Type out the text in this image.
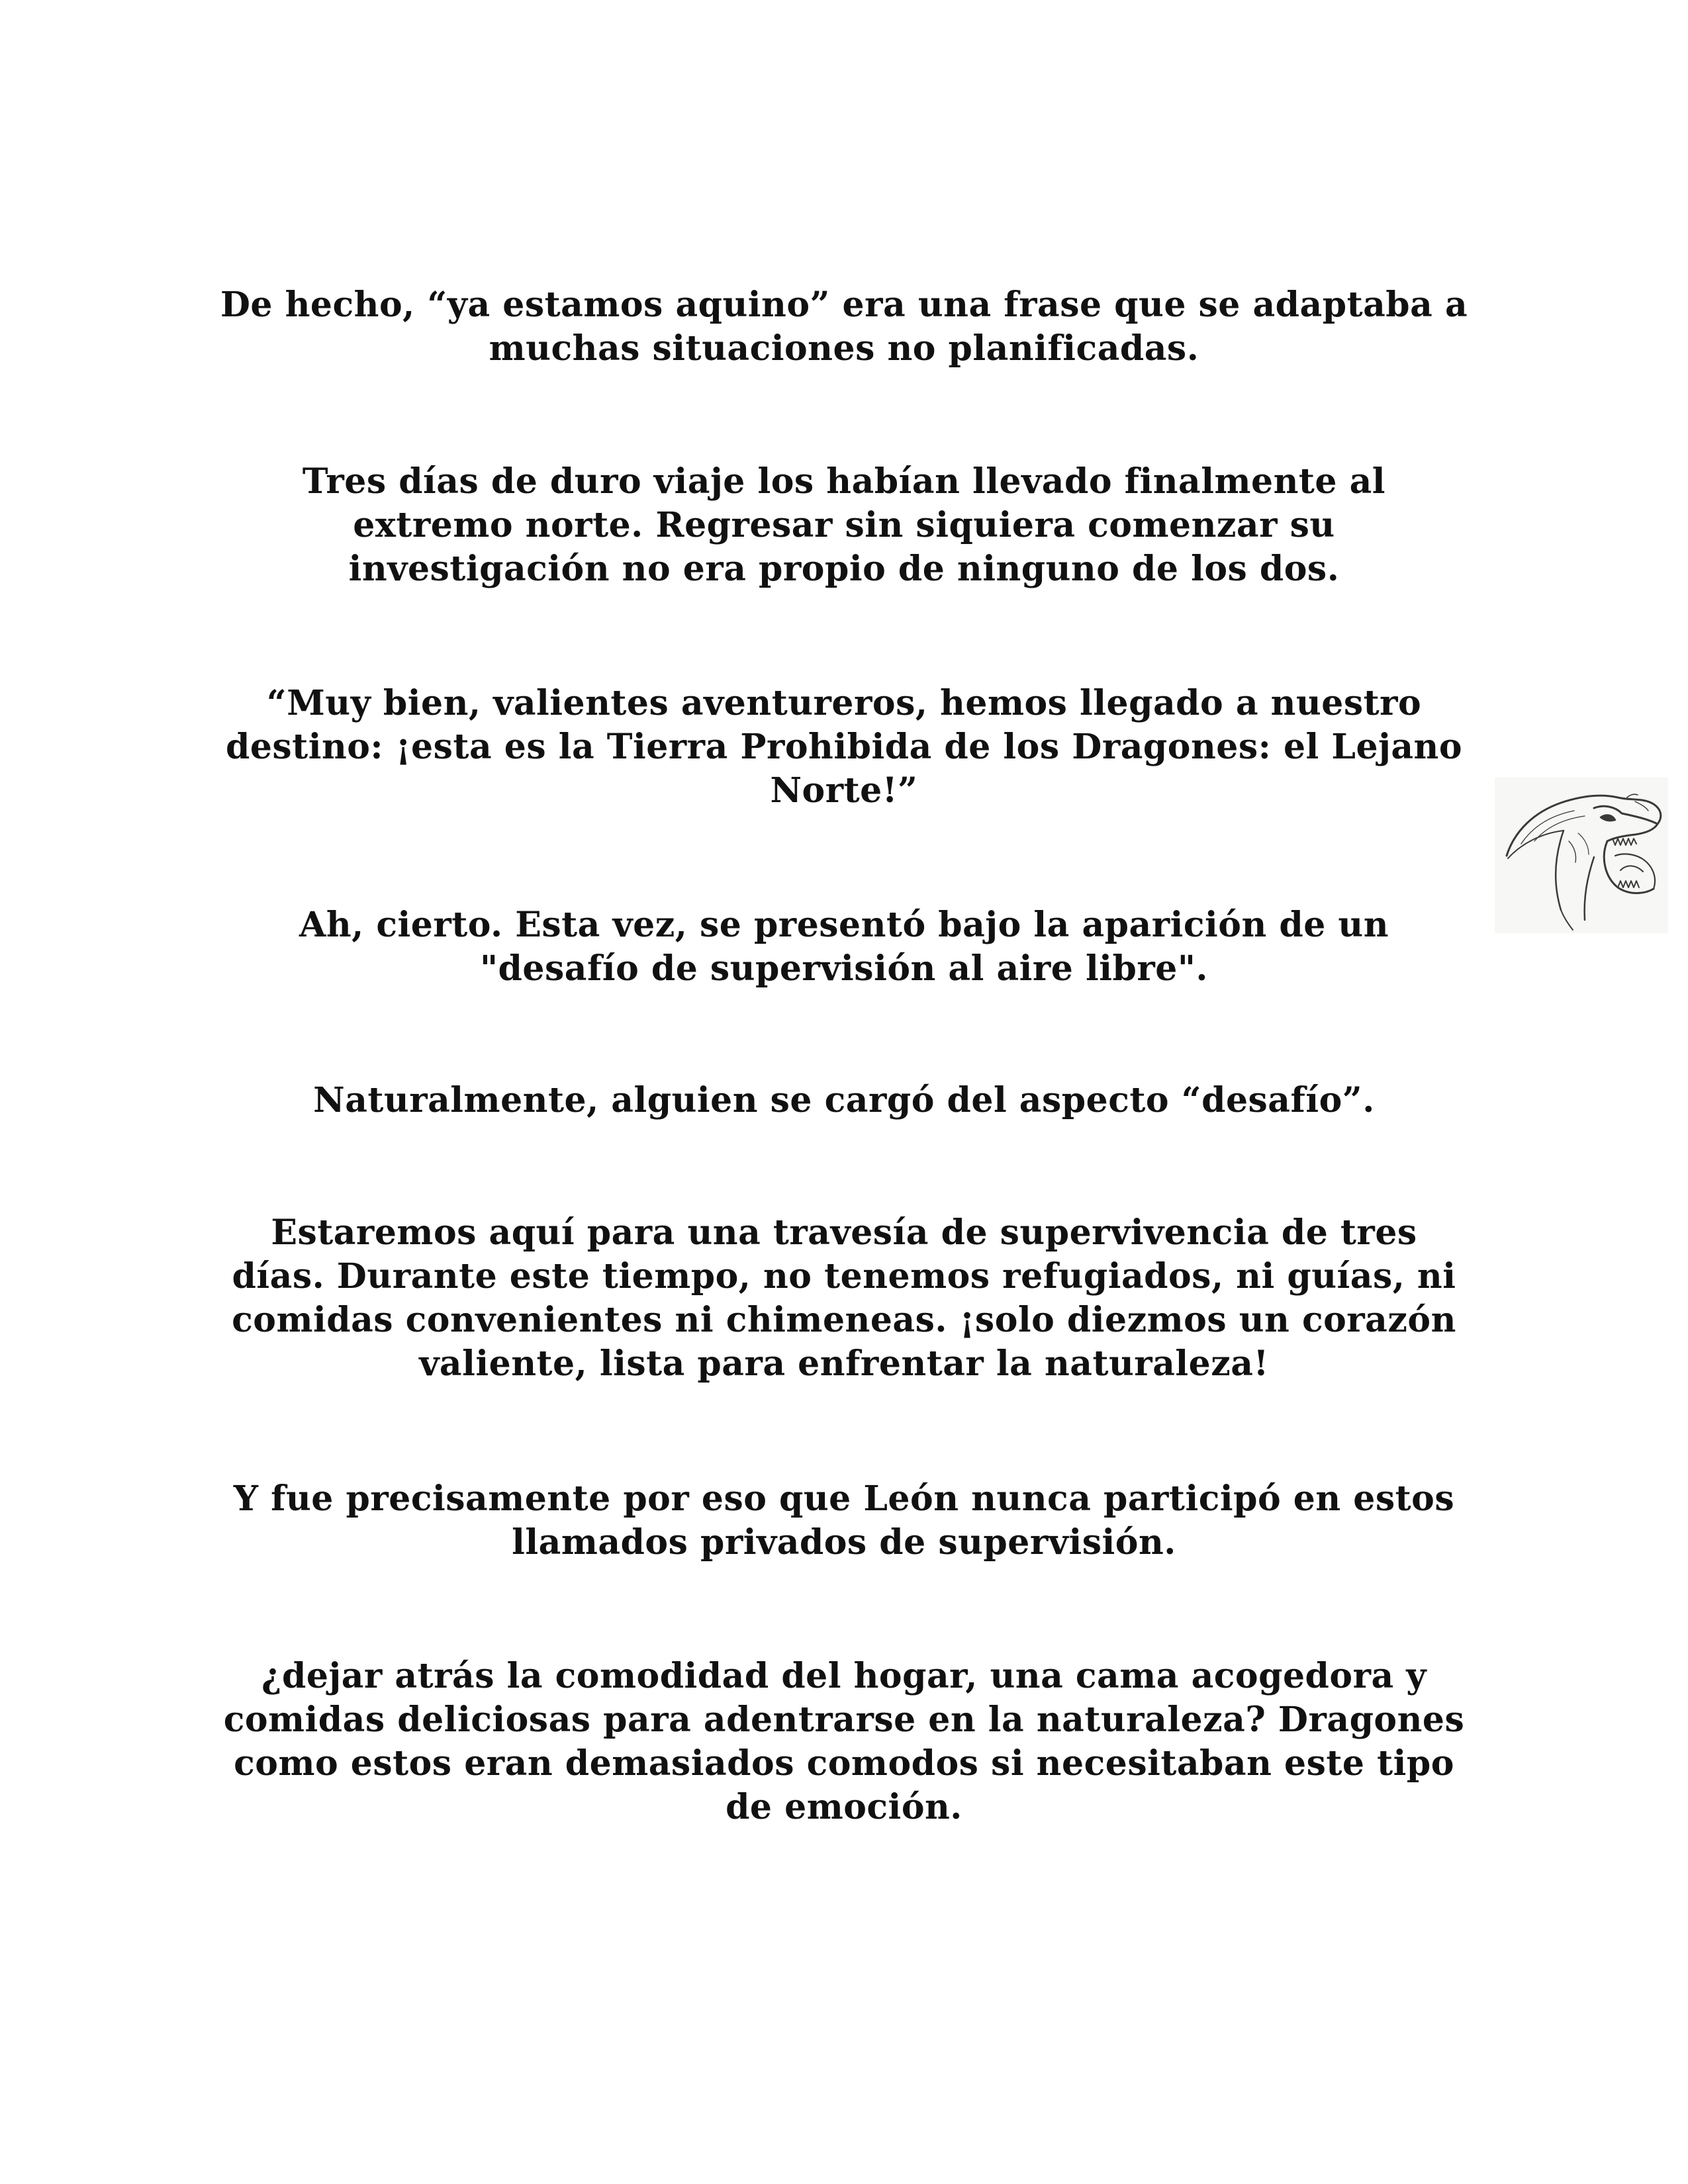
De hecho, “ya estamos aquino” era una frase que se adaptaba a
muchas situaciones no planificadas.

Tres días de duro viaje los habían llevado finalmente al
extremo norte. Regresar sin siquiera comenzar su
investigación no era propio de ninguno de los dos.

“Muy bien, valientes aventureros, hemos llegado a nuestro
destino: ¡esta es la Tierra Prohibida de los Dragones: el Lejano
Norte!”

Ah, cierto. Esta vez, se presentó bajo la aparición de un
"desafío de supervisión al aire libre".

Naturalmente, alguien se cargó del aspecto “desafío”.

Estaremos aquí para una travesía de supervivencia de tres
días. Durante este tiempo, no tenemos refugiados, ni guías, ni
comidas convenientes ni chimeneas. ¡solo diezmos un corazón
valiente, lista para enfrentar la naturaleza!

Y fue precisamente por eso que León nunca participó en estos
llamados privados de supervisión.

¿dejar atrás la comodidad del hogar, una cama acogedora y
comidas deliciosas para adentrarse en la naturaleza? Dragones
como estos eran demasiados comodos si necesitaban este tipo
de emoción.
